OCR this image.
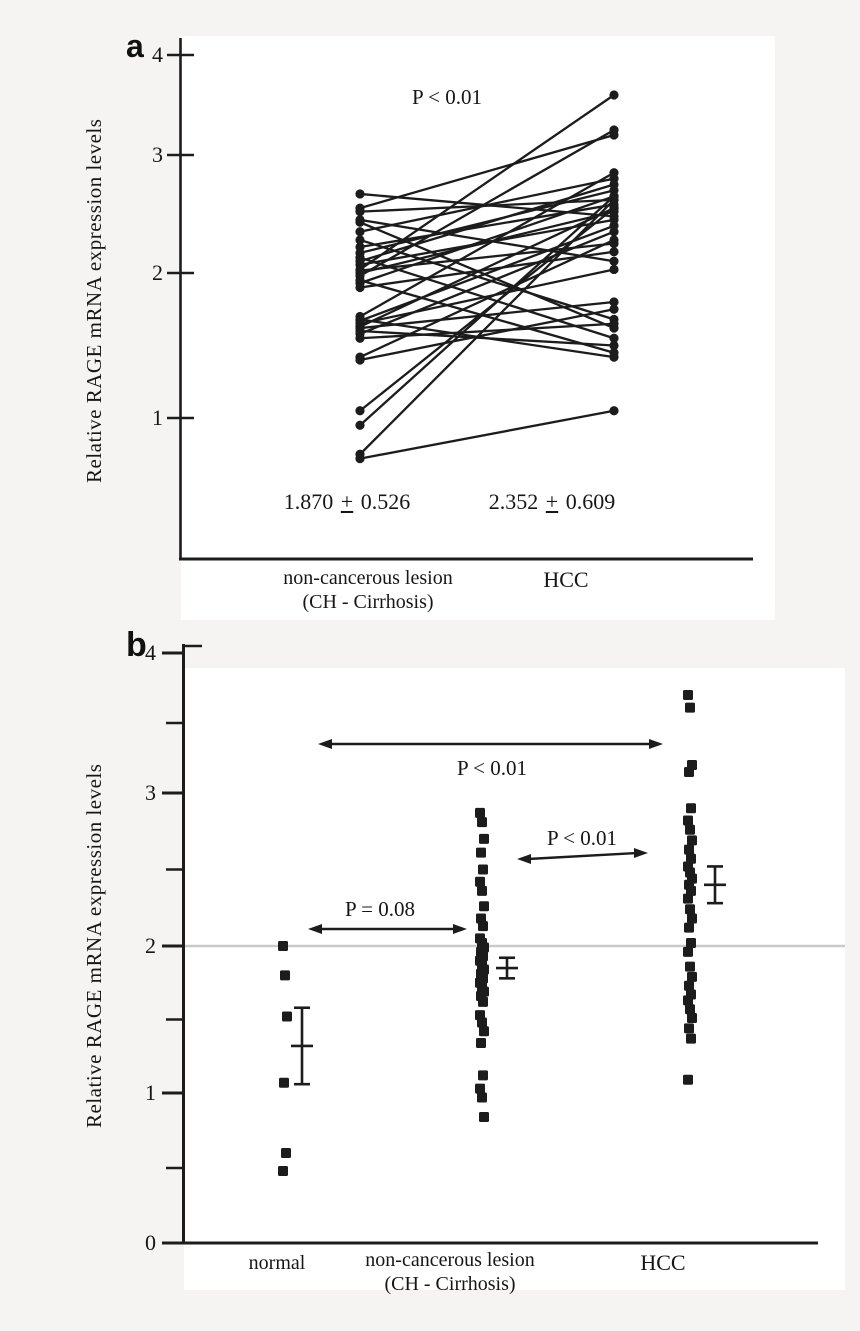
a
Relative RAGE mRNA expression levels
P < 0.01
1.870 + 0.526	2.352 + 0.609
non-cancerous lesion
(CH - Cirrhosis)
HCC
b
Relative RAGE mRNA expression levels	P < 0.01
P < 0.01
P = 0.08
normal	non-cancerous lesion
(CH - Cirrhosis)
HCC
4
3
2
1
4
3
2
1
0
